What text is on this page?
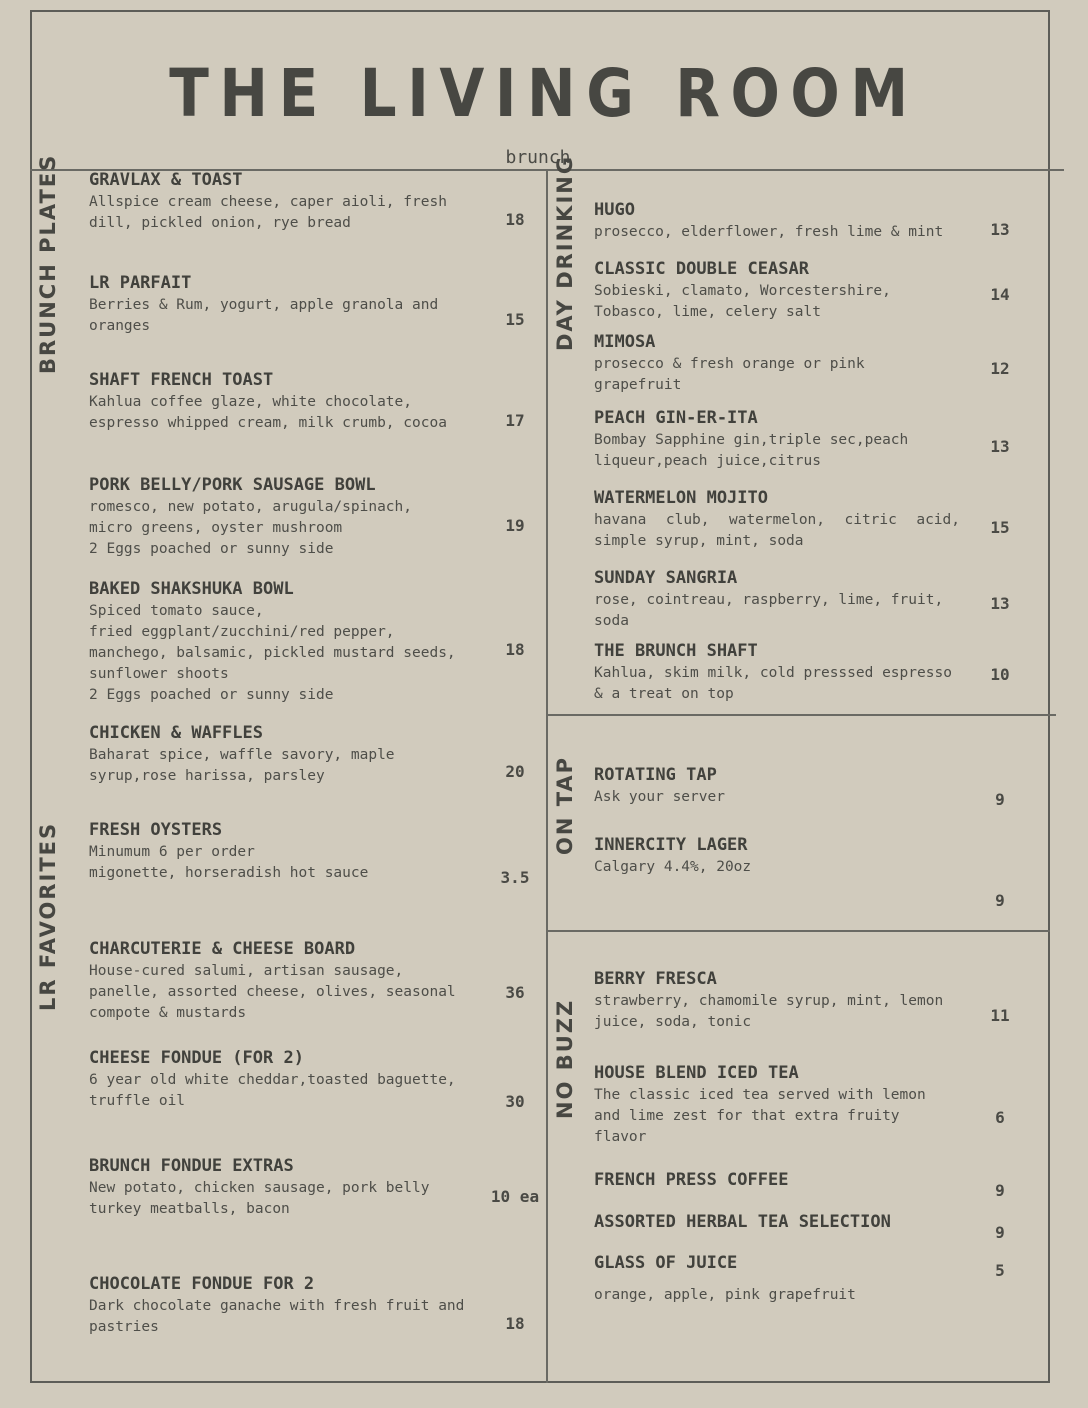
THE LIVING ROOM
brunch
BRUNCH PLATES
LR FAVORITES
DAY DRINKING
ON TAP
NO BUZZ
GRAVLAX & TOAST
Allspice cream cheese, caper aioli, fresh
dill, pickled onion, rye bread	18
LR PARFAIT
Berries & Rum, yogurt, apple granola and
oranges	15
SHAFT FRENCH TOAST
Kahlua coffee glaze, white chocolate,
espresso whipped cream, milk crumb, cocoa	17
PORK BELLY/PORK SAUSAGE BOWL
romesco, new potato, arugula/spinach,
micro greens, oyster mushroom
2 Eggs poached or sunny side
19
BAKED SHAKSHUKA BOWL
Spiced tomato sauce,
fried eggplant/zucchini/red pepper,
manchego, balsamic, pickled mustard seeds,
sunflower shoots
2 Eggs poached or sunny side
18
CHICKEN & WAFFLES
Baharat spice, waffle savory, maple
syrup,rose harissa, parsley	20
FRESH OYSTERS
Minumum 6 per order
migonette, horseradish hot sauce	3.5
CHARCUTERIE & CHEESE BOARD
House-cured salumi, artisan sausage,
panelle, assorted cheese, olives, seasonal
compote & mustards
36
CHEESE FONDUE (FOR 2)
6 year old white cheddar,toasted baguette,
truffle oil	30
BRUNCH FONDUE EXTRAS
New potato, chicken sausage, pork belly
turkey meatballs, bacon
10 ea
CHOCOLATE FONDUE FOR 2
Dark chocolate ganache with fresh fruit and
pastries	18
HUGO
prosecco, elderflower, fresh lime & mint	13
CLASSIC DOUBLE CEASAR
Sobieski, clamato, Worcestershire,
Tobasco, lime, celery salt
14
MIMOSA
prosecco & fresh orange or pink
grapefruit
12
PEACH GIN-ER-ITA
Bombay Sapphine gin,triple sec,peach
liqueur,peach juice,citrus
13
WATERMELON MOJITO
havana club, watermelon, citric acid,
simple syrup, mint, soda
15
SUNDAY SANGRIA
rose, cointreau, raspberry, lime, fruit,
soda
13
THE BRUNCH SHAFT
Kahlua, skim milk, cold presssed espresso
& a treat on top
10
ROTATING TAP
Ask your server	9
INNERCITY LAGER
Calgary 4.4%, 20oz
9
BERRY FRESCA
strawberry, chamomile syrup, mint, lemon
juice, soda, tonic	11
HOUSE BLEND ICED TEA
The classic iced tea served with lemon
and lime zest for that extra fruity
flavor
6
FRENCH PRESS COFFEE
9
ASSORTED HERBAL TEA SELECTION
9
GLASS OF JUICE
orange, apple, pink grapefruit
5
